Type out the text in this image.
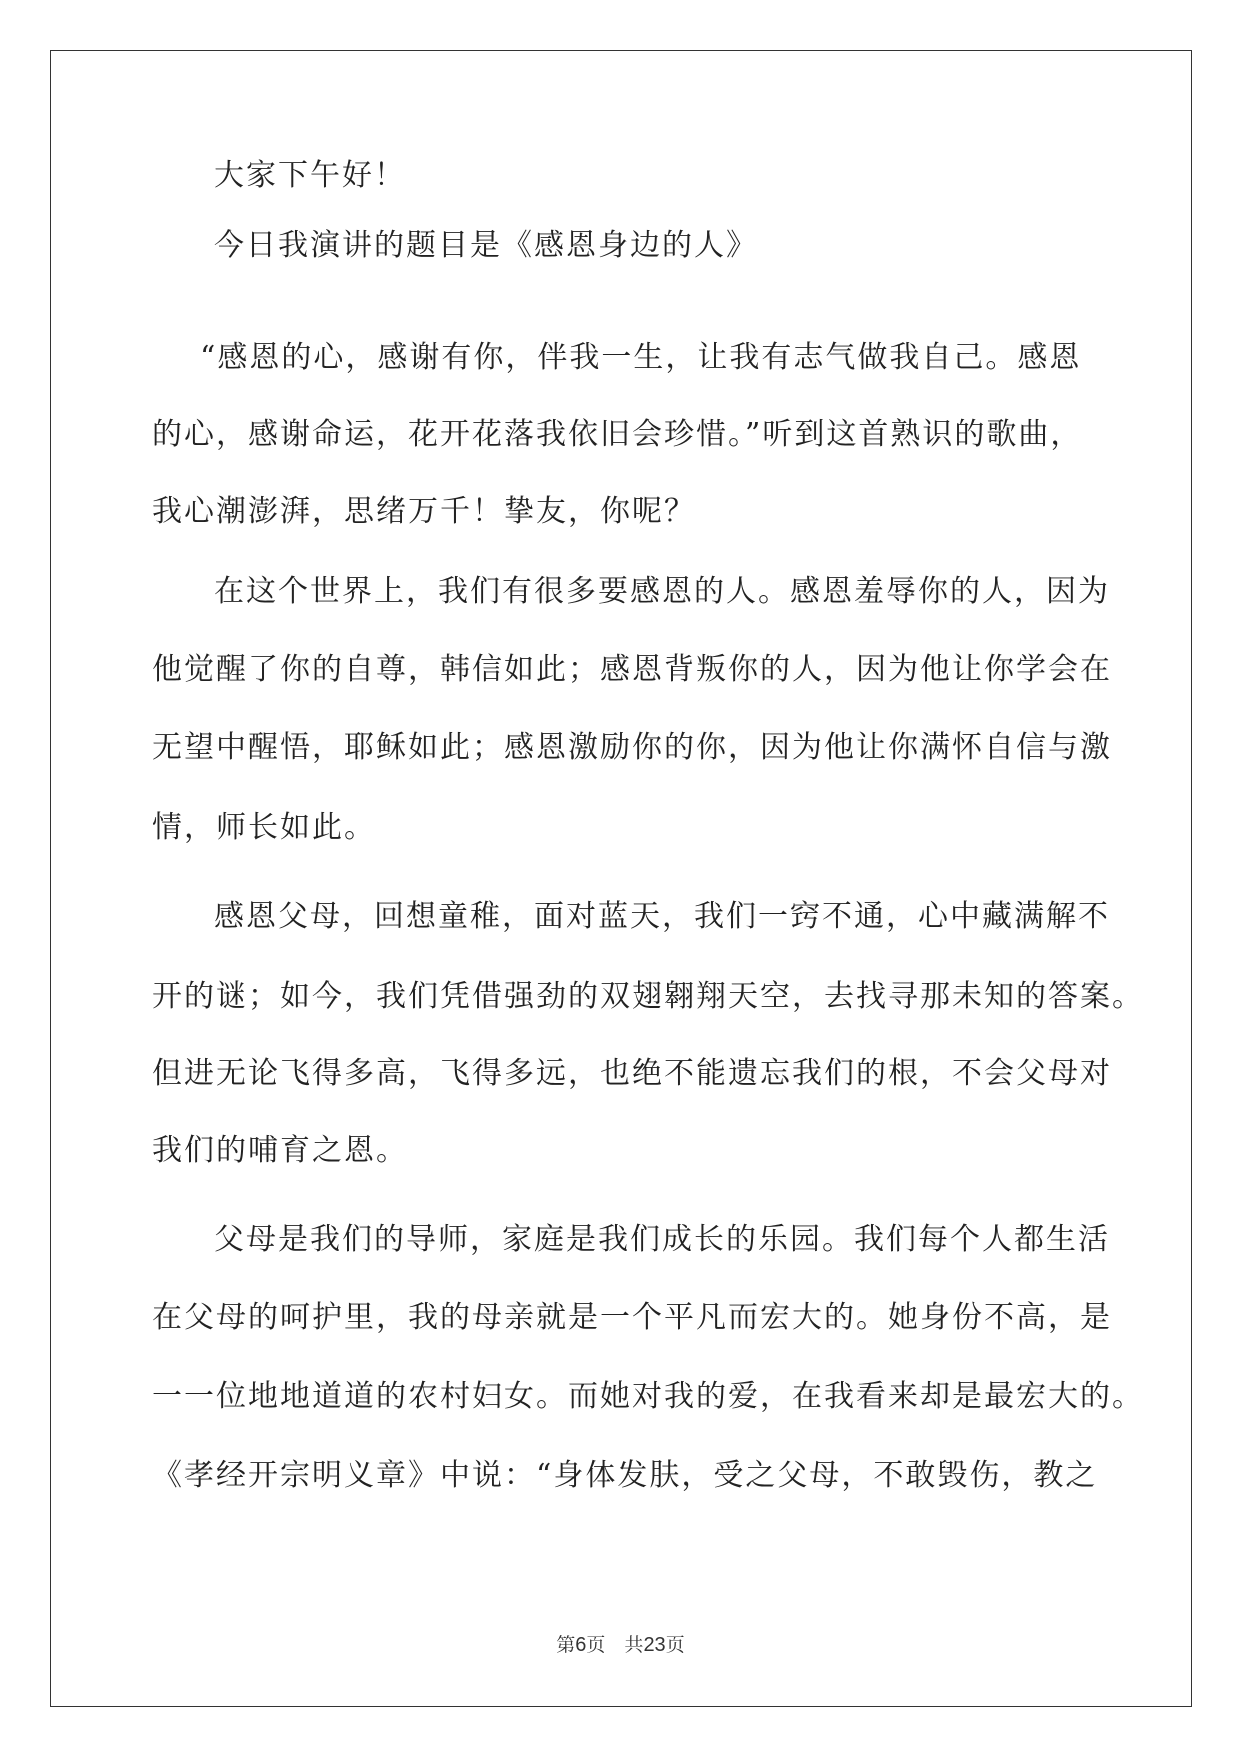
大家下午好！
今日我演讲的题目是《感恩身边的人》
“感恩的心，感谢有你，伴我一生，让我有志气做我自己。感恩
的心，感谢命运，花开花落我依旧会珍惜。”听到这首熟识的歌曲，
我心潮澎湃，思绪万千！挚友，你呢？
在这个世界上，我们有很多要感恩的人。感恩羞辱你的人，因为
他觉醒了你的自尊，韩信如此；感恩背叛你的人，因为他让你学会在
无望中醒悟，耶稣如此；感恩激励你的你，因为他让你满怀自信与激
情，师长如此。
感恩父母，回想童稚，面对蓝天，我们一窍不通，心中藏满解不
开的谜；如今，我们凭借强劲的双翅翱翔天空，去找寻那未知的答案。
但进无论飞得多高，飞得多远，也绝不能遗忘我们的根，不会父母对
我们的哺育之恩。
父母是我们的导师，家庭是我们成长的乐园。我们每个人都生活
在父母的呵护里，我的母亲就是一个平凡而宏大的。她身份不高，是
一一位地地道道的农村妇女。而她对我的爱，在我看来却是最宏大的。
《孝经开宗明义章》中说：“身体发肤，受之父母，不敢毁伤，教之
第6页　共23页
